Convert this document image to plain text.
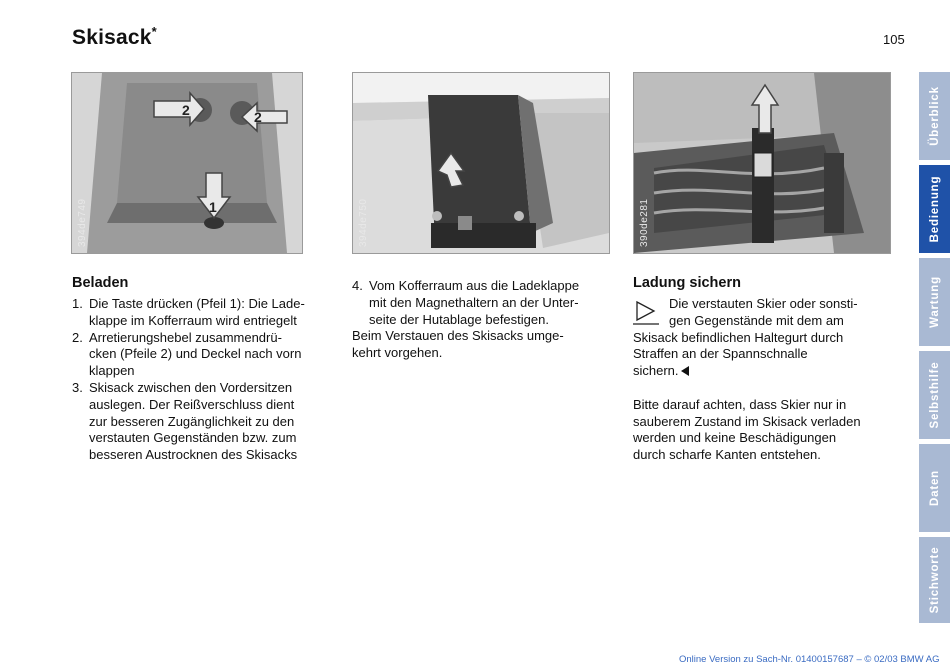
Skisack*
105
2	2
1
394de749	394de750	390de281
Beladen
1. Die Taste drücken (Pfeil 1): Die Lade-
klappe im Kofferraum wird entriegelt
2. Arretierungshebel zusammendrü-
cken (Pfeile 2) und Deckel nach vorn
klappen
3. Skisack zwischen den Vordersitzen
auslegen. Der Reißverschluss dient
zur besseren Zugänglichkeit zu den
verstauten Gegenständen bzw. zum
besseren Austrocknen des Skisacks
4. Vom Kofferraum aus die Ladeklappe
mit den Magnethaltern an der Unter-
seite der Hutablage befestigen.

Beim Verstauen des Skisacks umge-
kehrt vorgehen.

Ladung sichern

Die verstauten Skier oder sonsti-
gen Gegenstände mit dem am
Skisack befindlichen Haltegurt durch
Straffen an der Spannschnalle
sichern.

Bitte darauf achten, dass Skier nur in
sauberem Zustand im Skisack verladen
werden und keine Beschädigungen
durch scharfe Kanten entstehen.

Überblick
Bedienung
Wartung
Selbsthilfe
Daten
Stichworte
Online Version zu Sach-Nr. 01400157687 – © 02/03 BMW AG
